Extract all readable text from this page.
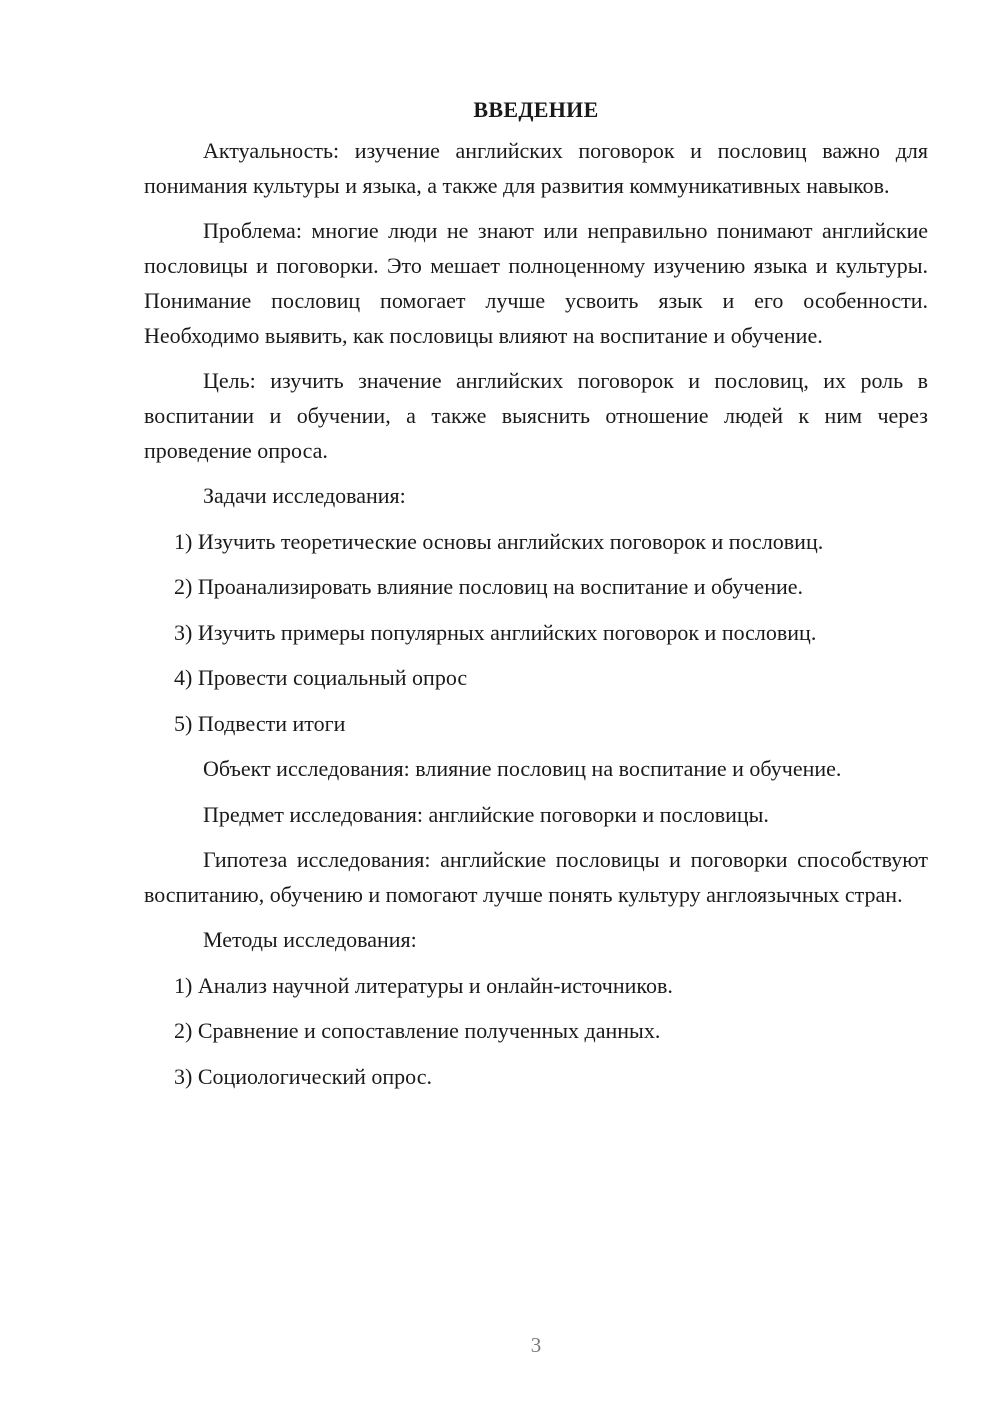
ВВЕДЕНИЕ

Актуальность: изучение английских поговорок и пословиц важно для понимания культуры и языка, а также для развития коммуникативных навыков.

Проблема: многие люди не знают или неправильно понимают английские пословицы и поговорки. Это мешает полноценному изучению языка и культуры. Понимание пословиц помогает лучше усвоить язык и его особенности. Необходимо выявить, как пословицы влияют на воспитание и обучение.

Цель: изучить значение английских поговорок и пословиц, их роль в воспитании и обучении, а также выяснить отношение людей к ним через проведение опроса.

Задачи исследования:
1) Изучить теоретические основы английских поговорок и пословиц.
2) Проанализировать влияние пословиц на воспитание и обучение.
3) Изучить примеры популярных английских поговорок и пословиц.
4) Провести социальный опрос
5) Подвести итоги
Объект исследования: влияние пословиц на воспитание и обучение.
Предмет исследования: английские поговорки и пословицы.

Гипотеза исследования: английские пословицы и поговорки способствуют воспитанию, обучению и помогают лучше понять культуру англоязычных стран.

Методы исследования:
1) Анализ научной литературы и онлайн-источников.
2) Сравнение и сопоставление полученных данных.
3) Социологический опрос.
3
